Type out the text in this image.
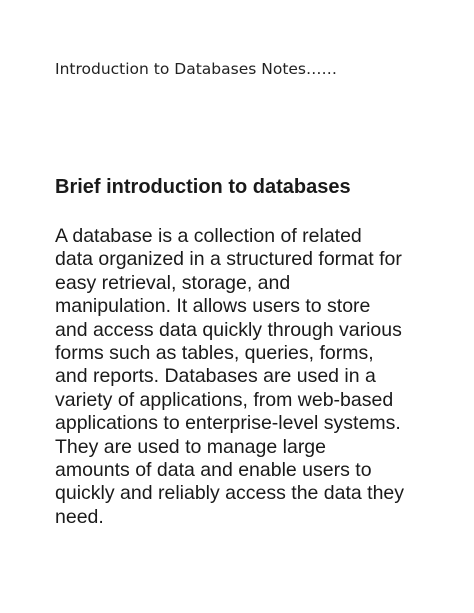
Introduction to Databases Notes……
Brief introduction to databases

A database is a collection of related
data organized in a structured format for
easy retrieval, storage, and
manipulation. It allows users to store
and access data quickly through various
forms such as tables, queries, forms,
and reports. Databases are used in a
variety of applications, from web-based
applications to enterprise-level systems.
They are used to manage large
amounts of data and enable users to
quickly and reliably access the data they
need.
